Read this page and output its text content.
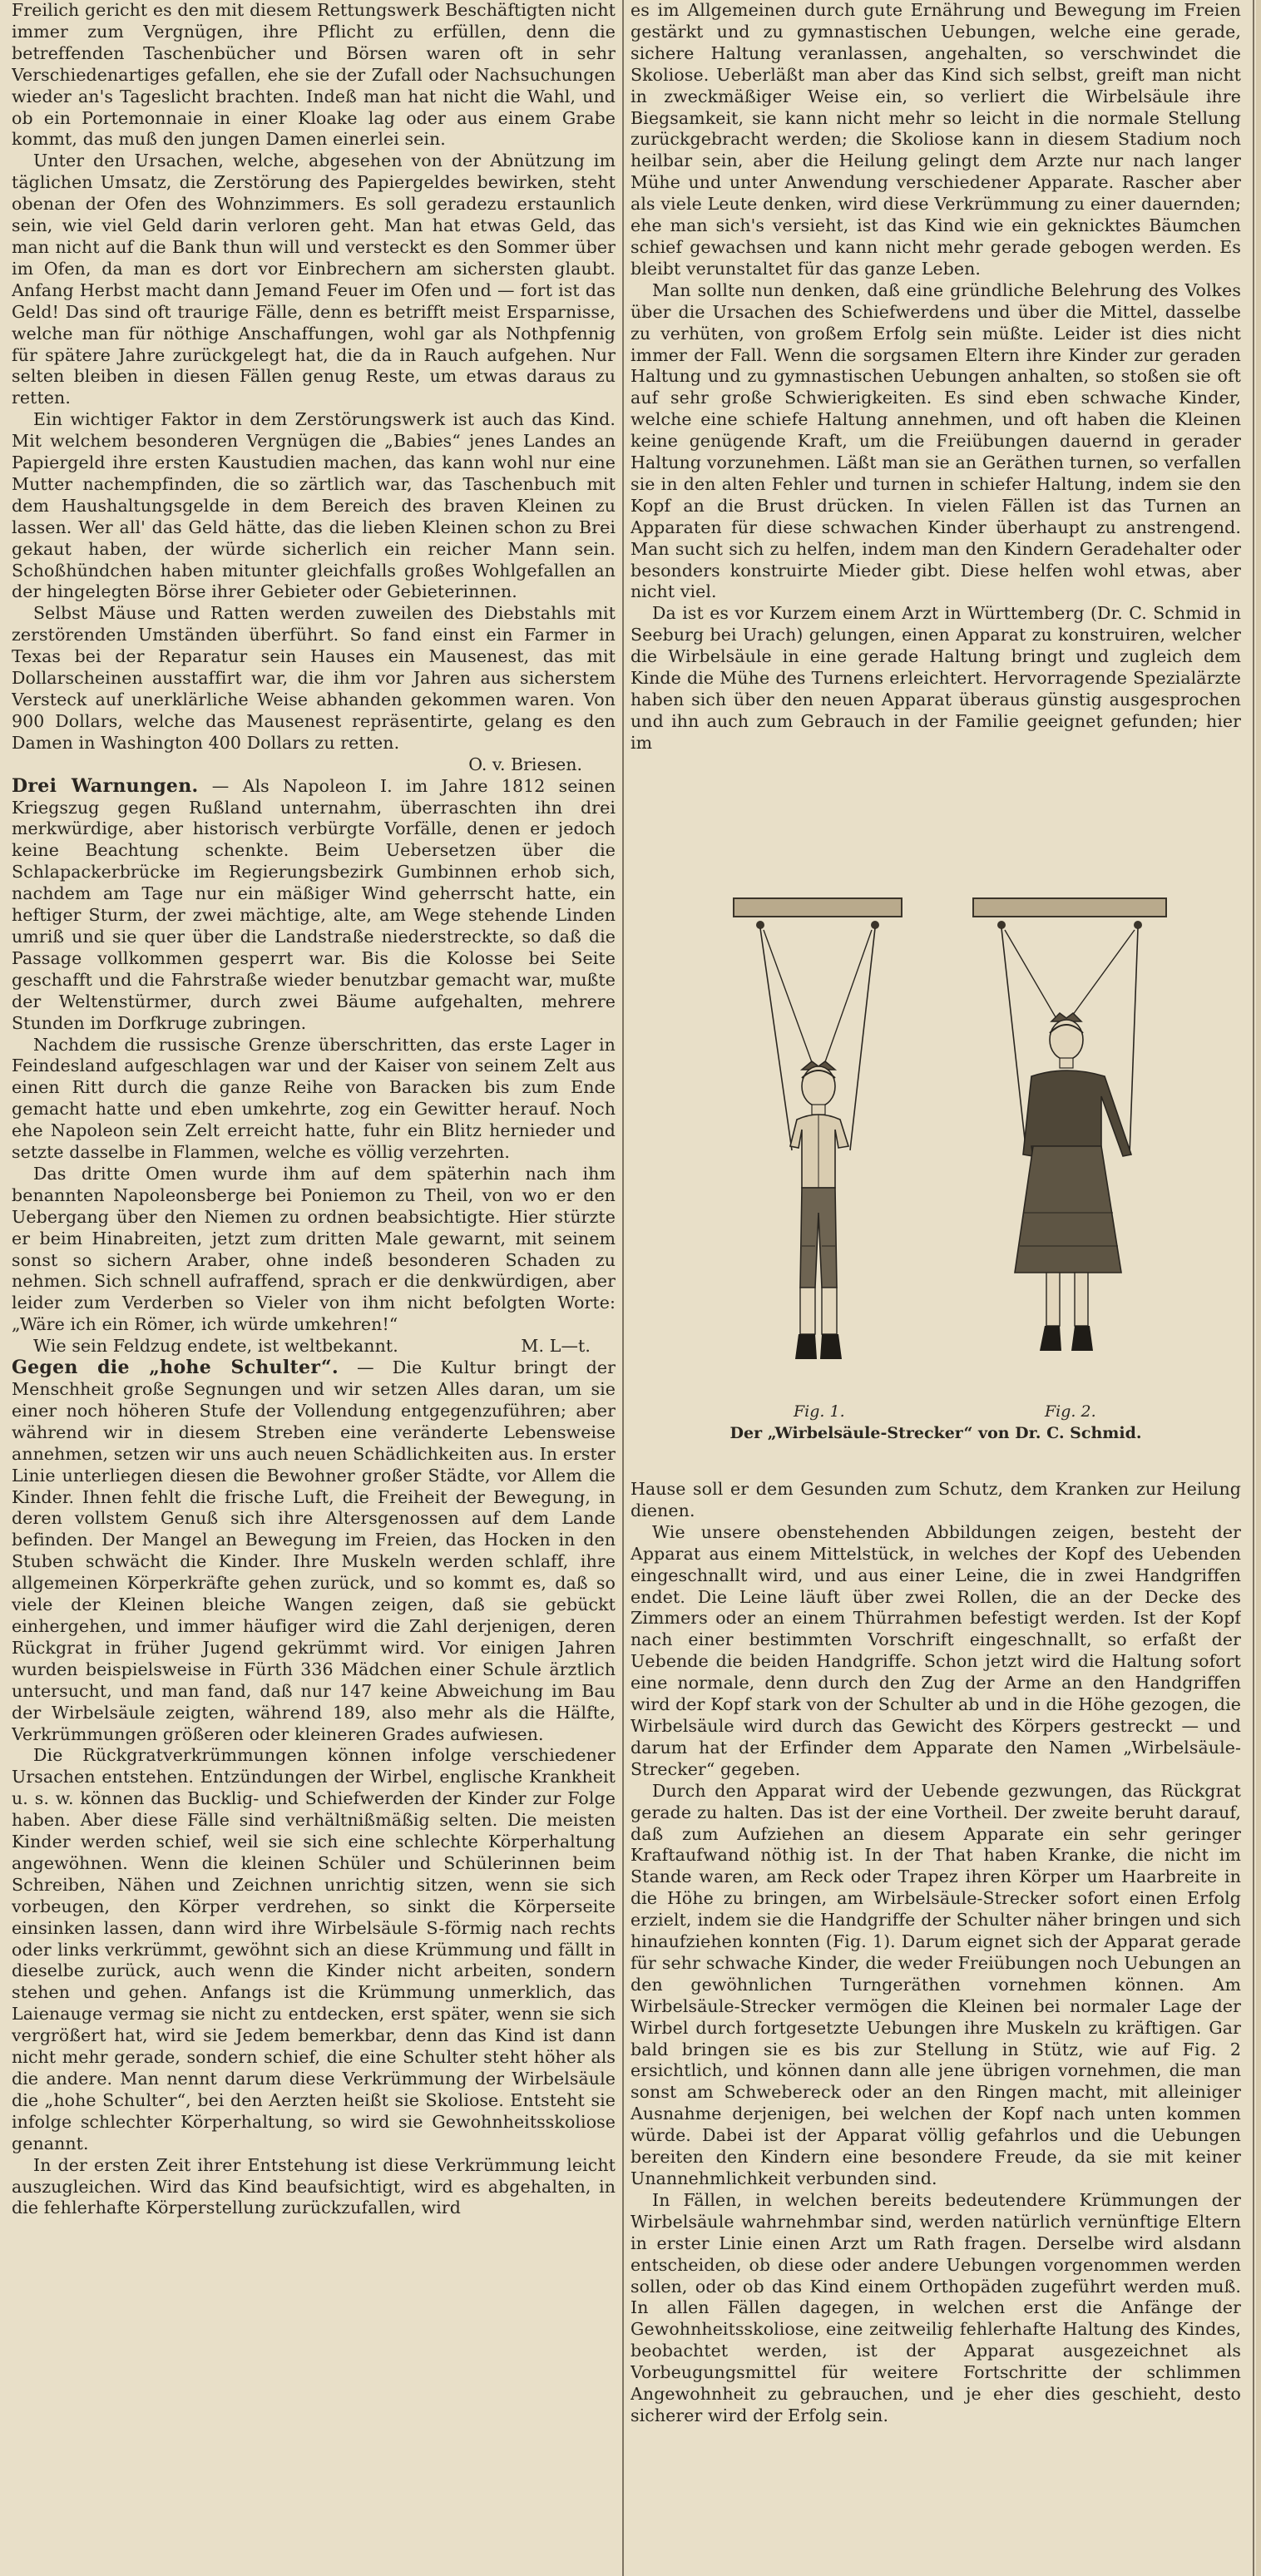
Freilich gericht es den mit diesem Rettungswerk Beschäftigten nicht immer zum Vergnügen, ihre Pflicht zu erfüllen, denn die betreffenden Taschenbücher und Börsen waren oft in sehr Verschiedenartiges gefallen, ehe sie der Zufall oder Nachsuchungen wieder an's Tageslicht brachten. Indeß man hat nicht die Wahl, und ob ein Portemonnaie in einer Kloake lag oder aus einem Grabe kommt, das muß den jungen Damen einerlei sein.

Unter den Ursachen, welche, abgesehen von der Abnützung im täglichen Umsatz, die Zerstörung des Papiergeldes bewirken, steht obenan der Ofen des Wohnzimmers. Es soll geradezu erstaunlich sein, wie viel Geld darin verloren geht. Man hat etwas Geld, das man nicht auf die Bank thun will und versteckt es den Sommer über im Ofen, da man es dort vor Einbrechern am sichersten glaubt. Anfang Herbst macht dann Jemand Feuer im Ofen und — fort ist das Geld! Das sind oft traurige Fälle, denn es betrifft meist Ersparnisse, welche man für nöthige Anschaffungen, wohl gar als Nothpfennig für spätere Jahre zurückgelegt hat, die da in Rauch aufgehen. Nur selten bleiben in diesen Fällen genug Reste, um etwas daraus zu retten.

Ein wichtiger Faktor in dem Zerstörungswerk ist auch das Kind. Mit welchem besonderen Vergnügen die „Babies“ jenes Landes an Papiergeld ihre ersten Kaustudien machen, das kann wohl nur eine Mutter nachempfinden, die so zärtlich war, das Taschenbuch mit dem Haushaltungsgelde in dem Bereich des braven Kleinen zu lassen. Wer all' das Geld hätte, das die lieben Kleinen schon zu Brei gekaut haben, der würde sicherlich ein reicher Mann sein. Schoßhündchen haben mitunter gleichfalls großes Wohlgefallen an der hingelegten Börse ihrer Gebieter oder Gebieterinnen.

Selbst Mäuse und Ratten werden zuweilen des Diebstahls mit zerstörenden Umständen überführt. So fand einst ein Farmer in Texas bei der Reparatur sein Hauses ein Mausenest, das mit Dollarscheinen ausstaffirt war, die ihm vor Jahren aus sicherstem Versteck auf unerklärliche Weise abhanden gekommen waren. Von 900 Dollars, welche das Mausenest repräsentirte, gelang es den Damen in Washington 400 Dollars zu retten.

O. v. Briesen.

Drei Warnungen. — Als Napoleon I. im Jahre 1812 seinen Kriegszug gegen Rußland unternahm, überraschten ihn drei merkwürdige, aber historisch verbürgte Vorfälle, denen er jedoch keine Beachtung schenkte. Beim Uebersetzen über die Schlapackerbrücke im Regierungsbezirk Gumbinnen erhob sich, nachdem am Tage nur ein mäßiger Wind geherrscht hatte, ein heftiger Sturm, der zwei mächtige, alte, am Wege stehende Linden umriß und sie quer über die Landstraße niederstreckte, so daß die Passage vollkommen gesperrt war. Bis die Kolosse bei Seite geschafft und die Fahrstraße wieder benutzbar gemacht war, mußte der Weltenstürmer, durch zwei Bäume aufgehalten, mehrere Stunden im Dorfkruge zubringen.

Nachdem die russische Grenze überschritten, das erste Lager in Feindesland aufgeschlagen war und der Kaiser von seinem Zelt aus einen Ritt durch die ganze Reihe von Baracken bis zum Ende gemacht hatte und eben umkehrte, zog ein Gewitter herauf. Noch ehe Napoleon sein Zelt erreicht hatte, fuhr ein Blitz hernieder und setzte dasselbe in Flammen, welche es völlig verzehrten.

Das dritte Omen wurde ihm auf dem späterhin nach ihm benannten Napoleonsberge bei Poniemon zu Theil, von wo er den Uebergang über den Niemen zu ordnen beabsichtigte. Hier stürzte er beim Hinabreiten, jetzt zum dritten Male gewarnt, mit seinem sonst so sichern Araber, ohne indeß besonderen Schaden zu nehmen. Sich schnell aufraffend, sprach er die denkwürdigen, aber leider zum Verderben so Vieler von ihm nicht befolgten Worte: „Wäre ich ein Römer, ich würde umkehren!“

Wie sein Feldzug endete, ist weltbekannt.	M. L—t.

Gegen die „hohe Schulter“. — Die Kultur bringt der Menschheit große Segnungen und wir setzen Alles daran, um sie einer noch höheren Stufe der Vollendung entgegenzuführen; aber während wir in diesem Streben eine veränderte Lebensweise annehmen, setzen wir uns auch neuen Schädlichkeiten aus. In erster Linie unterliegen diesen die Bewohner großer Städte, vor Allem die Kinder. Ihnen fehlt die frische Luft, die Freiheit der Bewegung, in deren vollstem Genuß sich ihre Altersgenossen auf dem Lande befinden. Der Mangel an Bewegung im Freien, das Hocken in den Stuben schwächt die Kinder. Ihre Muskeln werden schlaff, ihre allgemeinen Körperkräfte gehen zurück, und so kommt es, daß so viele der Kleinen bleiche Wangen zeigen, daß sie gebückt einhergehen, und immer häufiger wird die Zahl derjenigen, deren Rückgrat in früher Jugend gekrümmt wird. Vor einigen Jahren wurden beispielsweise in Fürth 336 Mädchen einer Schule ärztlich untersucht, und man fand, daß nur 147 keine Abweichung im Bau der Wirbelsäule zeigten, während 189, also mehr als die Hälfte, Verkrümmungen größeren oder kleineren Grades aufwiesen.

Die Rückgratverkrümmungen können infolge verschiedener Ursachen entstehen. Entzündungen der Wirbel, englische Krankheit u. s. w. können das Bucklig- und Schiefwerden der Kinder zur Folge haben. Aber diese Fälle sind verhältnißmäßig selten. Die meisten Kinder werden schief, weil sie sich eine schlechte Körperhaltung angewöhnen. Wenn die kleinen Schüler und Schülerinnen beim Schreiben, Nähen und Zeichnen unrichtig sitzen, wenn sie sich vorbeugen, den Körper verdrehen, so sinkt die Körperseite einsinken lassen, dann wird ihre Wirbelsäule S-förmig nach rechts oder links verkrümmt, gewöhnt sich an diese Krümmung und fällt in dieselbe zurück, auch wenn die Kinder nicht arbeiten, sondern stehen und gehen. Anfangs ist die Krümmung unmerklich, das Laienauge vermag sie nicht zu entdecken, erst später, wenn sie sich vergrößert hat, wird sie Jedem bemerkbar, denn das Kind ist dann nicht mehr gerade, sondern schief, die eine Schulter steht höher als die andere. Man nennt darum diese Verkrümmung der Wirbelsäule die „hohe Schulter“, bei den Aerzten heißt sie Skoliose. Entsteht sie infolge schlechter Körperhaltung, so wird sie Gewohnheitsskoliose genannt.

In der ersten Zeit ihrer Entstehung ist diese Verkrümmung leicht auszugleichen. Wird das Kind beaufsichtigt, wird es abgehalten, in die fehlerhafte Körperstellung zurückzufallen, wird

es im Allgemeinen durch gute Ernährung und Bewegung im Freien gestärkt und zu gymnastischen Uebungen, welche eine gerade, sichere Haltung veranlassen, angehalten, so verschwindet die Skoliose. Ueberläßt man aber das Kind sich selbst, greift man nicht in zweckmäßiger Weise ein, so verliert die Wirbelsäule ihre Biegsamkeit, sie kann nicht mehr so leicht in die normale Stellung zurückgebracht werden; die Skoliose kann in diesem Stadium noch heilbar sein, aber die Heilung gelingt dem Arzte nur nach langer Mühe und unter Anwendung verschiedener Apparate. Rascher aber als viele Leute denken, wird diese Verkrümmung zu einer dauernden; ehe man sich's versieht, ist das Kind wie ein geknicktes Bäumchen schief gewachsen und kann nicht mehr gerade gebogen werden. Es bleibt verunstaltet für das ganze Leben.

Man sollte nun denken, daß eine gründliche Belehrung des Volkes über die Ursachen des Schiefwerdens und über die Mittel, dasselbe zu verhüten, von großem Erfolg sein müßte. Leider ist dies nicht immer der Fall. Wenn die sorgsamen Eltern ihre Kinder zur geraden Haltung und zu gymnastischen Uebungen anhalten, so stoßen sie oft auf sehr große Schwierigkeiten. Es sind eben schwache Kinder, welche eine schiefe Haltung annehmen, und oft haben die Kleinen keine genügende Kraft, um die Freiübungen dauernd in gerader Haltung vorzunehmen. Läßt man sie an Geräthen turnen, so verfallen sie in den alten Fehler und turnen in schiefer Haltung, indem sie den Kopf an die Brust drücken. In vielen Fällen ist das Turnen an Apparaten für diese schwachen Kinder überhaupt zu anstrengend. Man sucht sich zu helfen, indem man den Kindern Geradehalter oder besonders konstruirte Mieder gibt. Diese helfen wohl etwas, aber nicht viel.

Da ist es vor Kurzem einem Arzt in Württemberg (Dr. C. Schmid in Seeburg bei Urach) gelungen, einen Apparat zu konstruiren, welcher die Wirbelsäule in eine gerade Haltung bringt und zugleich dem Kinde die Mühe des Turnens erleichtert. Hervorragende Spezialärzte haben sich über den neuen Apparat überaus günstig ausgesprochen und ihn auch zum Gebrauch in der Familie geeignet gefunden; hier im

Fig. 1.	Fig. 2.
Der „Wirbelsäule-Strecker“ von Dr. C. Schmid.

Hause soll er dem Gesunden zum Schutz, dem Kranken zur Heilung dienen.

Wie unsere obenstehenden Abbildungen zeigen, besteht der Apparat aus einem Mittelstück, in welches der Kopf des Uebenden eingeschnallt wird, und aus einer Leine, die in zwei Handgriffen endet. Die Leine läuft über zwei Rollen, die an der Decke des Zimmers oder an einem Thürrahmen befestigt werden. Ist der Kopf nach einer bestimmten Vorschrift eingeschnallt, so erfaßt der Uebende die beiden Handgriffe. Schon jetzt wird die Haltung sofort eine normale, denn durch den Zug der Arme an den Handgriffen wird der Kopf stark von der Schulter ab und in die Höhe gezogen, die Wirbelsäule wird durch das Gewicht des Körpers gestreckt — und darum hat der Erfinder dem Apparate den Namen „Wirbelsäule-Strecker“ gegeben.

Durch den Apparat wird der Uebende gezwungen, das Rückgrat gerade zu halten. Das ist der eine Vortheil. Der zweite beruht darauf, daß zum Aufziehen an diesem Apparate ein sehr geringer Kraftaufwand nöthig ist. In der That haben Kranke, die nicht im Stande waren, am Reck oder Trapez ihren Körper um Haarbreite in die Höhe zu bringen, am Wirbelsäule-Strecker sofort einen Erfolg erzielt, indem sie die Handgriffe der Schulter näher bringen und sich hinaufziehen konnten (Fig. 1). Darum eignet sich der Apparat gerade für sehr schwache Kinder, die weder Freiübungen noch Uebungen an den gewöhnlichen Turngeräthen vornehmen können. Am Wirbelsäule-Strecker vermögen die Kleinen bei normaler Lage der Wirbel durch fortgesetzte Uebungen ihre Muskeln zu kräftigen. Gar bald bringen sie es bis zur Stellung in Stütz, wie auf Fig. 2 ersichtlich, und können dann alle jene übrigen vornehmen, die man sonst am Schwebereck oder an den Ringen macht, mit alleiniger Ausnahme derjenigen, bei welchen der Kopf nach unten kommen würde. Dabei ist der Apparat völlig gefahrlos und die Uebungen bereiten den Kindern eine besondere Freude, da sie mit keiner Unannehmlichkeit verbunden sind.

In Fällen, in welchen bereits bedeutendere Krümmungen der Wirbelsäule wahrnehmbar sind, werden natürlich vernünftige Eltern in erster Linie einen Arzt um Rath fragen. Derselbe wird alsdann entscheiden, ob diese oder andere Uebungen vorgenommen werden sollen, oder ob das Kind einem Orthopäden zugeführt werden muß. In allen Fällen dagegen, in welchen erst die Anfänge der Gewohnheitsskoliose, eine zeitweilig fehlerhafte Haltung des Kindes, beobachtet werden, ist der Apparat ausgezeichnet als Vorbeugungsmittel für weitere Fortschritte der schlimmen Angewohnheit zu gebrauchen, und je eher dies geschieht, desto sicherer wird der Erfolg sein.
